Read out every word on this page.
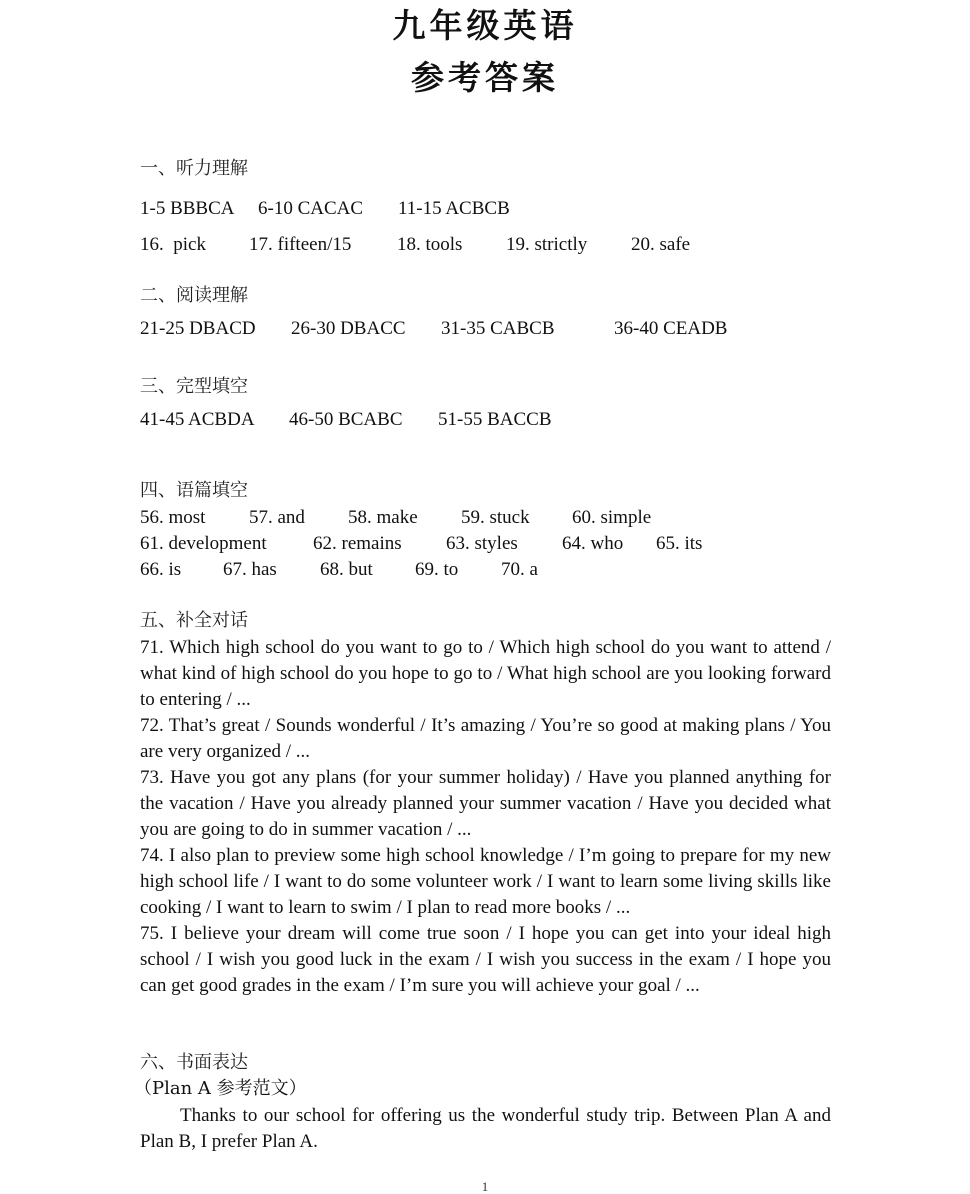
九年级英语
参考答案
一、听力理解
1-5 BBBCA 6-10 CACAC 11-15 ACBCB
16.  pick 17. fifteen/15 18. tools 19. strictly 20. safe
二、阅读理解
21-25 DBACD 26-30 DBACC 31-35 CABCB	36-40 CEADB
三、完型填空
41-45 ACBDA 46-50 BCABC 51-55 BACCB
四、语篇填空
56. most 57. and 58. make 59. stuck 60. simple
61. development 62. remains 63. styles 64. who 65. its
66. is 67. has 68. but 69. to 70. a
五、补全对话
71. Which high school do you want to go to / Which high school do you want to attend / what kind of high school do you hope to go to / What high school are you looking forward to entering / ...
72. That’s great / Sounds wonderful / It’s amazing / You’re so good at making plans / You are very organized / ...
73. Have you got any plans (for your summer holiday) / Have you planned anything for the vacation / Have you already planned your summer vacation / Have you decided what you are going to do in summer vacation / ...
74. I also plan to preview some high school knowledge / I’m going to prepare for my new high school life / I want to do some volunteer work / I want to learn some living skills like cooking / I want to learn to swim / I plan to read more books / ...
75. I believe your dream will come true soon / I hope you can get into your ideal high school / I wish you good luck in the exam / I wish you success in the exam / I hope you can get good grades in the exam / I’m sure you will achieve your goal / ...
六、书面表达
（Plan A 参考范文）
Thanks to our school for offering us the wonderful study trip. Between Plan A and Plan B, I prefer Plan A.
1
